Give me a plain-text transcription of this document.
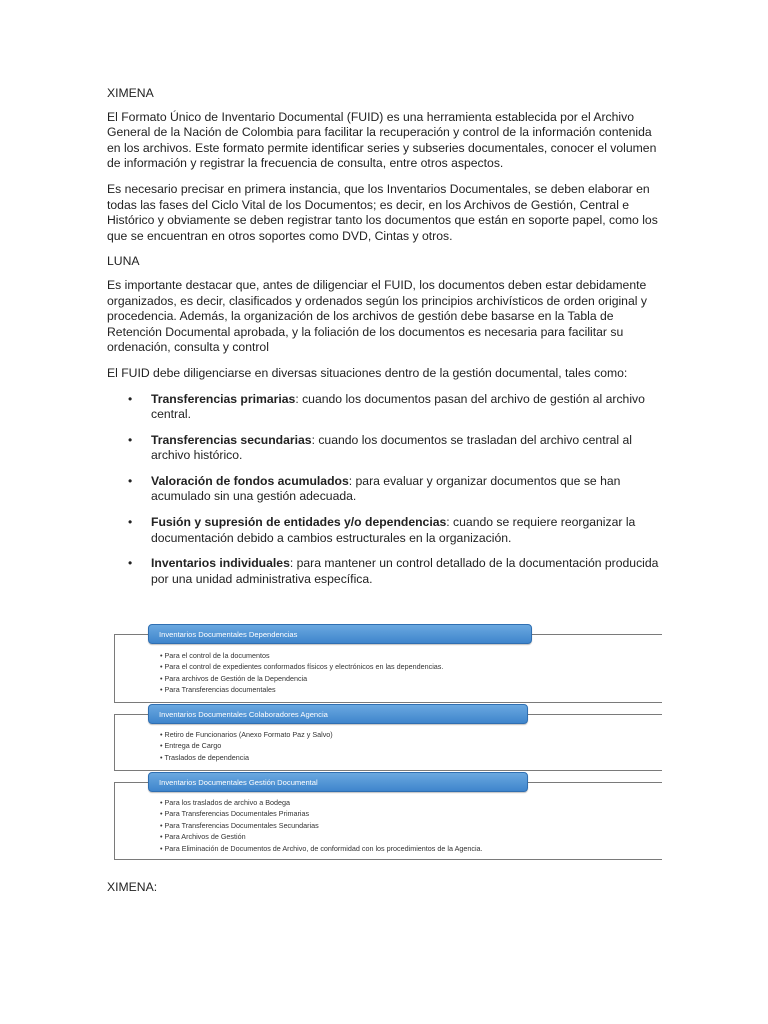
XIMENA

El Formato Único de Inventario Documental (FUID) es una herramienta establecida por el Archivo General de la Nación de Colombia para facilitar la recuperación y control de la información contenida en los archivos. Este formato permite identificar series y subseries documentales, conocer el volumen de información y registrar la frecuencia de consulta, entre otros aspectos.

Es necesario precisar en primera instancia, que los Inventarios Documentales, se deben elaborar en todas las fases del Ciclo Vital de los Documentos; es decir, en los Archivos de Gestión, Central e Histórico y obviamente se deben registrar tanto los documentos que están en soporte papel, como los que se encuentran en otros soportes como DVD, Cintas y otros.

LUNA

Es importante destacar que, antes de diligenciar el FUID, los documentos deben estar debidamente organizados, es decir, clasificados y ordenados según los principios archivísticos de orden original y procedencia. Además, la organización de los archivos de gestión debe basarse en la Tabla de Retención Documental aprobada, y la foliación de los documentos es necesaria para facilitar su ordenación, consulta y control

El FUID debe diligenciarse en diversas situaciones dentro de la gestión documental, tales como:

• Transferencias primarias: cuando los documentos pasan del archivo de gestión al archivo central.
• Transferencias secundarias: cuando los documentos se trasladan del archivo central al archivo histórico.
• Valoración de fondos acumulados: para evaluar y organizar documentos que se han acumulado sin una gestión adecuada.
• Fusión y supresión de entidades y/o dependencias: cuando se requiere reorganizar la documentación debido a cambios estructurales en la organización.
• Inventarios individuales: para mantener un control detallado de la documentación producida por una unidad administrativa específica.
Inventarios Documentales Dependencias
• Para el control de la documentos
• Para el control de expedientes conformados físicos y electrónicos en las dependencias.
• Para archivos de Gestión de la Dependencia
• Para Transferencias documentales
Inventarios Documentales Colaboradores Agencia
• Retiro de Funcionarios (Anexo Formato Paz y Salvo)
• Entrega de Cargo
• Traslados de dependencia
Inventarios Documentales Gestión Documental
• Para los traslados de archivo a Bodega
• Para Transferencias Documentales Primarias
• Para Transferencias Documentales Secundarias
• Para Archivos de Gestión
• Para Eliminación de Documentos de Archivo, de conformidad con los procedimientos de la Agencia.

XIMENA:
